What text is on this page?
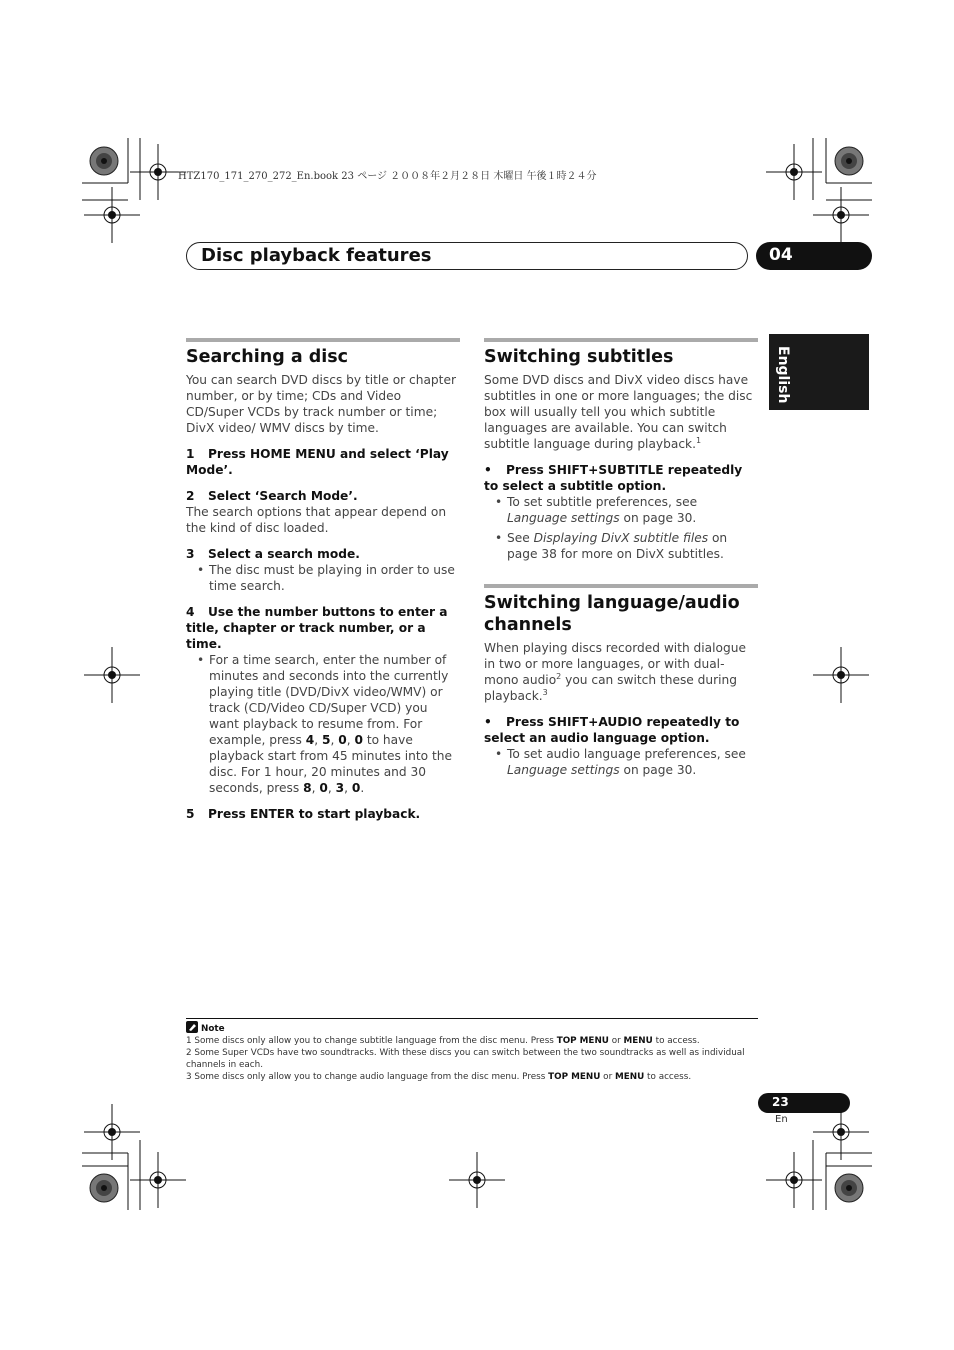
HTZ170_171_270_272_En.book 23 ページ ２００８年２月２８日 木曜日 午後１時２４分
Disc playback features	04
English
Searching a disc

You can search DVD discs by title or chapter number, or by time; CDs and Video CD/Super VCDs by track number or time; DivX video/ WMV discs by time.

1 Press HOME MENU and select ‘Play Mode’.

2 Select ‘Search Mode’.

The search options that appear depend on the kind of disc loaded.

3 Select a search mode.

• The disc must be playing in order to use time search.

4 Use the number buttons to enter a title, chapter or track number, or a time.

• For a time search, enter the number of minutes and seconds into the currently playing title (DVD/DivX video/WMV) or track (CD/Video CD/Super VCD) you want playback to resume from. For example, press 4, 5, 0, 0 to have playback start from 45 minutes into the disc. For 1 hour, 20 minutes and 30 seconds, press 8, 0, 3, 0.

5 Press ENTER to start playback.

Switching subtitles

Some DVD discs and DivX video discs have subtitles in one or more languages; the disc box will usually tell you which subtitle languages are available. You can switch subtitle language during playback.$^1$

• Press SHIFT+SUBTITLE repeatedly to select a subtitle option.

• To set subtitle preferences, see Language settings on page 30.

• See Displaying DivX subtitle files on page 38 for more on DivX subtitles.

Switching language/audio channels

When playing discs recorded with dialogue in two or more languages, or with dual-mono audio$^2$ you can switch these during playback.$^3$

• Press SHIFT+AUDIO repeatedly to select an audio language option.

• To set audio language preferences, see Language settings on page 30.

Note
1 Some discs only allow you to change subtitle language from the disc menu. Press TOP MENU or MENU to access.
2 Some Super VCDs have two soundtracks. With these discs you can switch between the two soundtracks as well as individual channels in each.
3 Some discs only allow you to change audio language from the disc menu. Press TOP MENU or MENU to access.
23
En
